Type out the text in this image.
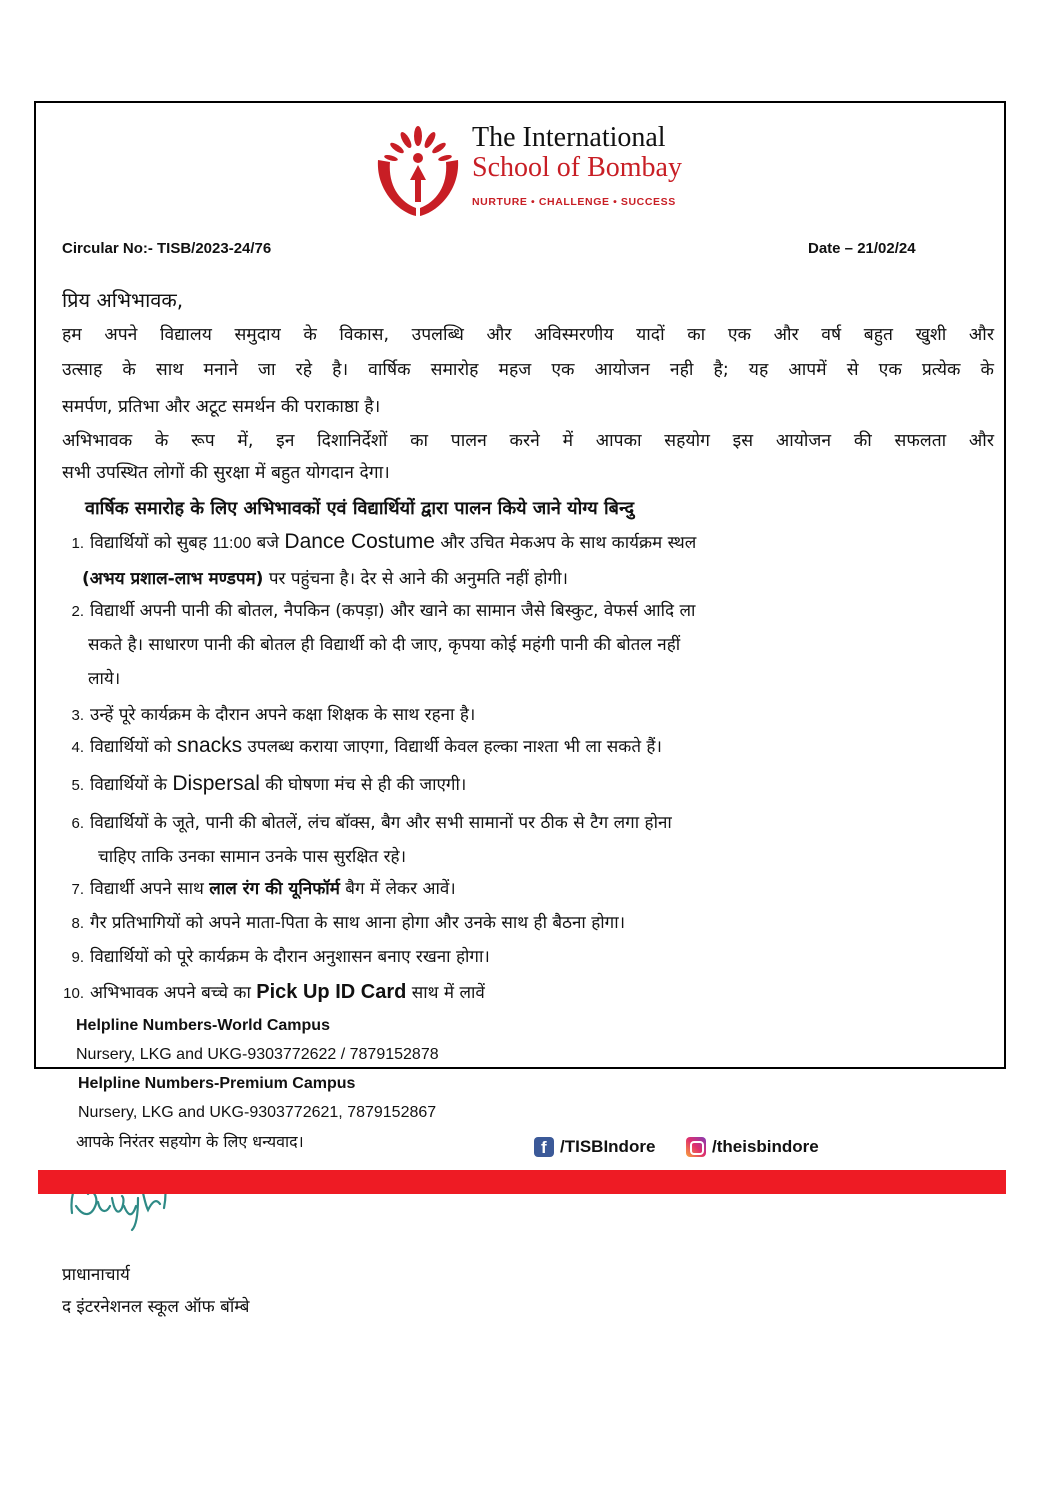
The International
School of Bombay
NURTURE • CHALLENGE • SUCCESS
Circular No:- TISB/2023-24/76	Date – 21/02/24
प्रिय अभिभावक,
हम अपने विद्यालय समुदाय के विकास, उपलब्धि और अविस्मरणीय यादों का एक और वर्ष बहुत खुशी और
उत्साह के साथ मनाने जा रहे है। वार्षिक समारोह महज एक आयोजन नही है; यह आपमें से एक प्रत्येक के
समर्पण, प्रतिभा और अटूट समर्थन की पराकाष्ठा है।
अभिभावक के रूप में, इन दिशानिर्देशों का पालन करने में आपका सहयोग इस आयोजन की सफलता और
सभी उपस्थित लोगों की सुरक्षा में बहुत योगदान देगा।
वार्षिक समारोह के लिए अभिभावकों एवं विद्यार्थियों द्वारा पालन किये जाने योग्य बिन्दु
1. विद्यार्थियों को सुबह 11:00 बजे Dance Costume और उचित मेकअप के साथ कार्यक्रम स्थल
(अभय प्रशाल-लाभ मण्डपम) पर पहुंचना है। देर से आने की अनुमति नहीं होगी।
2. विद्यार्थी अपनी पानी की बोतल, नैपकिन (कपड़ा) और खाने का सामान जैसे बिस्कुट, वेफर्स आदि ला
सकते है। साधारण पानी की बोतल ही विद्यार्थी को दी जाए, कृपया कोई महंगी पानी की बोतल नहीं
लाये।
3. उन्हें पूरे कार्यक्रम के दौरान अपने कक्षा शिक्षक के साथ रहना है।
4. विद्यार्थियों को snacks उपलब्ध कराया जाएगा, विद्यार्थी केवल हल्का नाश्ता भी ला सकते हैं।
5. विद्यार्थियों के Dispersal की घोषणा मंच से ही की जाएगी।
6. विद्यार्थियों के जूते, पानी की बोतलें, लंच बॉक्स, बैग और सभी सामानों पर ठीक से टैग लगा होना
चाहिए ताकि उनका सामान उनके पास सुरक्षित रहे।
7. विद्यार्थी अपने साथ लाल रंग की यूनिफॉर्म बैग में लेकर आवें।
8. गैर प्रतिभागियों को अपने माता-पिता के साथ आना होगा और उनके साथ ही बैठना होगा।
9. विद्यार्थियों को पूरे कार्यक्रम के दौरान अनुशासन बनाए रखना होगा।
10. अभिभावक अपने बच्चे का Pick Up ID Card साथ में लावें
Helpline Numbers-World Campus
Nursery, LKG and UKG-9303772622 / 7879152878
Helpline Numbers-Premium Campus
Nursery, LKG and UKG-9303772621, 7879152867
आपके निरंतर सहयोग के लिए धन्यवाद।
प्राधानाचार्य
द इंटरनेशनल स्कूल ऑफ बॉम्बे
f /TISBIndore	/theisbindore
